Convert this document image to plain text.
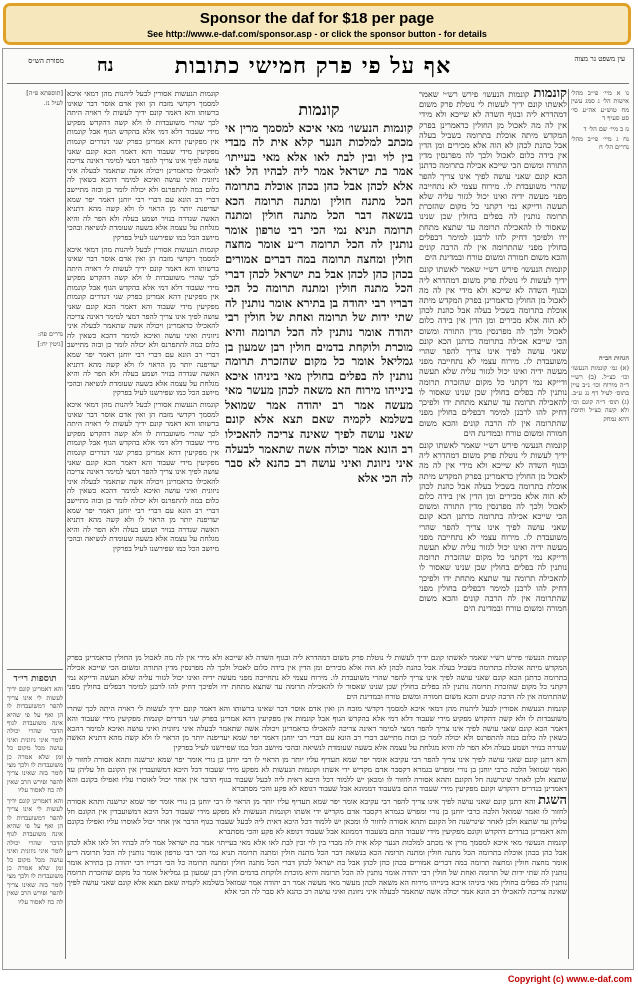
Sponsor the daf for $18 per page
See http://www.e-daf.com/sponsor.asp - or click the sponsor button - for details
עין משפט נר מצוה
אף על פי פרק חמישי כתובות
נח
מסורת הש״ס

נו א מיי׳ פי״ב מהל׳ אישות הל׳ ג סמג עשין מח טוש״ע אה״ע סי׳ סט סעיף ד

נז ב מיי׳ שם הל׳ ד

נח ג מיי׳ פי״ב מהל׳ נדרים הל׳ ח

הגהות הב״ח

(א) גמ׳ קונמות הנעשו׳ וכו׳ כצ״ל. (ב) רש״י ד״ה מירוח וכו׳ נ״ב עיין בתוס׳ לעיל דף נג ע״ב. (ג) תוס׳ ד״ה קונם וכו׳ ולא קשה כצ״ל ותיבת דהא נמחק

קונמות קונמות הנעשו׳ פירש רש״י שאמר לאשתו קונם ידיך לעשות לי נוטלת פרק משום דמהדרא ליה ובגוף השדה לא שייכא ולא מידי אין לה מה לאכול מן החולין כדאמרינן בפרק המקדש מיתה אוכלת בתרומה בשביל בעלה אבל כהנת לכהן לא הוה אלא מכירים ומן הדין אין בידה כלום לאכול ולכך לה מפרנסין מדין התורה ומשום הכי שייכא אכילה בתרומה כדתנן הכא קונם שאני עושה לפיך אינו צריך להפר שהרי משועבדת לו. מירוח עצמי לא נתחייבה מפני מעשה ידיה ואינו יכול לגזור עליה שלא תעשה ודייקא נמי דקתני כל מקום שהזכרת תרומה נותנין לה בפלים בחולין שכן שנינו שאסור לו להאכילה תרומה עד שתצא מתחת ידו ולפיכך דחיק להו לרבנן למימר דבפלים בחולין מפני שהתרומה אין לה הרבה קונים והכא משום חמורה ומשום טורח ובמדינת הים

קונמות הנעשו׳ פירש רש״י שאמר לאשתו קונם ידיך לעשות לי נוטלת פרק משום דמהדרא ליה ובגוף השדה לא שייכא ולא מידי אין לה מה לאכול מן החולין כדאמרינן בפרק המקדש מיתה אוכלת בתרומה בשביל בעלה אבל כהנת לכהן לא הוה אלא מכירים ומן הדין אין בידה כלום לאכול ולכך לה מפרנסין מדין התורה ומשום הכי שייכא אכילה בתרומה כדתנן הכא קונם שאני עושה לפיך אינו צריך להפר שהרי משועבדת לו. מירוח עצמי לא נתחייבה מפני מעשה ידיה ואינו יכול לגזור עליה שלא תעשה ודייקא נמי דקתני כל מקום שהזכרת תרומה נותנין לה בפלים בחולין שכן שנינו שאסור לו להאכילה תרומה עד שתצא מתחת ידו ולפיכך דחיק להו לרבנן למימר דבפלים בחולין מפני שהתרומה אין לה הרבה קונים והכא משום חמורה ומשום טורח ובמדינת הים

קונמות הנעשו׳ פירש רש״י שאמר לאשתו קונם ידיך לעשות לי נוטלת פרק משום דמהדרא ליה ובגוף השדה לא שייכא ולא מידי אין לה מה לאכול מן החולין כדאמרינן בפרק המקדש מיתה אוכלת בתרומה בשביל בעלה אבל כהנת לכהן לא הוה אלא מכירים ומן הדין אין בידה כלום לאכול ולכך לה מפרנסין מדין התורה ומשום הכי שייכא אכילה בתרומה כדתנן הכא קונם שאני עושה לפיך אינו צריך להפר שהרי משועבדת לו. מירוח עצמי לא נתחייבה מפני מעשה ידיה ואינו יכול לגזור עליה שלא תעשה ודייקא נמי דקתני כל מקום שהזכרת תרומה נותנין לה בפלים בחולין שכן שנינו שאסור לו להאכילה תרומה עד שתצא מתחת ידו ולפיכך דחיק להו לרבנן למימר דבפלים בחולין מפני שהתרומה אין לה הרבה קונים והכא משום חמורה ומשום טורח ובמדינת הים

קונמות

קונמות הנעשו׳ מאי איכא למסמך מרין אי מכתב למלכות הנער קלא אית לה מבדי בין לוי ובין לבת לאו אלא מאי בעייתו׳ אמר בת ישראל אמר ליה לבהיו הל לאו אלא לכהן אבל כהן בכהן אוכלת בתרומה הכל מתנה חולין ומתנה תרומה הכא בנשאה דבר הכל מתנה חולין ומתנה תרומה תניא נמי הכי רבי טרפון אומר נותנין לה הכל תרומה ר״ע אומר מחצה חולין ומחצה תרומה במה דברים אמורים בכהן כהן לכהן אבל בת ישראל לכהן דברי הכל מתנה חולין ומתנה תרומה כל הכי דבריו רבי יהודה בן בתירא אומר נותנין לה שתי ידות של תרומה ואחת של חולין רבי יהודה אומר נותנין לה הכל תרומה והיא מוכרת ולוקחת בדמים חולין רבן שמעון בן גמליאל אומר כל מקום שהזכרת תרומה נותנין לה בפלים בחולין מאי ביניהו איכא בינייהו מירוח הא משאה לכהן מעשר מאי מעשה אמר רב יהודה אמר שמואל בשלמא לקמיה שאם תצא אלא קונם שאני עושה לפיך שאינה צריכה להאכילו רב הונא אמר יכולה אשה שתאמר לבעלה איני ניזונת ואיני עושה רב כהנא לא סבר לה הכי אלא

קונמות הנעשות אסורין לבעל ליהנות מהן דמאי איכא למסמך דקדשי מזבח הן ואין אדם אוסר דבר שאינו ברשותו והא דאמר קונם ידיך לעשות לי ראויה היתה לכך שהרי משועבדות לו ולא קשה דהקדש מפקיע מידי שעבוד דלא דמי אלא בהקדש הגוף אבל קונמות אין מפקיעין דהא אמרינן בפרק שני דנדרים קונמות מפקיעין מידי שעבוד והא דאמר הכא קונם שאני עושה לפיך אינו צריך להפר דמצי למימר דאינה צריכה להאכילו כדאמרינן ויכולה אשה שתאמר לבעלה איני ניזונית ואיני עושה ואיכא למימר דהכא כשאין לה כלום במה להתפרנס ולא יכולה לומר כן ובזה מתיישב דברי רב הונא עם דברי רבי יוחנן דאמר יפר שמא יעדיפנה יותר מן הראוי לו ולא קשה מהא דתניא האשה שנדרה בנזיר ושמע בעלה ולא הפר לה והיא מגלחת על עצמה אלא בשעה שעומדת לנשיאה ובהכי מיושב הכל כמו שפירשנו לעיל בפרקין

קונמות הנעשות אסורין לבעל ליהנות מהן דמאי איכא למסמך דקדשי מזבח הן ואין אדם אוסר דבר שאינו ברשותו והא דאמר קונם ידיך לעשות לי ראויה היתה לכך שהרי משועבדות לו ולא קשה דהקדש מפקיע מידי שעבוד דלא דמי אלא בהקדש הגוף אבל קונמות אין מפקיעין דהא אמרינן בפרק שני דנדרים קונמות מפקיעין מידי שעבוד והא דאמר הכא קונם שאני עושה לפיך אינו צריך להפר דמצי למימר דאינה צריכה להאכילו כדאמרינן ויכולה אשה שתאמר לבעלה איני ניזונית ואיני עושה ואיכא למימר דהכא כשאין לה כלום במה להתפרנס ולא יכולה לומר כן ובזה מתיישב דברי רב הונא עם דברי רבי יוחנן דאמר יפר שמא יעדיפנה יותר מן הראוי לו ולא קשה מהא דתניא האשה שנדרה בנזיר ושמע בעלה ולא הפר לה והיא מגלחת על עצמה אלא בשעה שעומדת לנשיאה ובהכי מיושב הכל כמו שפירשנו לעיל בפרקין

קונמות הנעשות אסורין לבעל ליהנות מהן דמאי איכא למסמך דקדשי מזבח הן ואין אדם אוסר דבר שאינו ברשותו והא דאמר קונם ידיך לעשות לי ראויה היתה לכך שהרי משועבדות לו ולא קשה דהקדש מפקיע מידי שעבוד דלא דמי אלא בהקדש הגוף אבל קונמות אין מפקיעין דהא אמרינן בפרק שני דנדרים קונמות מפקיעין מידי שעבוד והא דאמר הכא קונם שאני עושה לפיך אינו צריך להפר דמצי למימר דאינה צריכה להאכילו כדאמרינן ויכולה אשה שתאמר לבעלה איני ניזונית ואיני עושה ואיכא למימר דהכא כשאין לה כלום במה להתפרנס ולא יכולה לומר כן ובזה מתיישב דברי רב הונא עם דברי רבי יוחנן דאמר יפר שמא יעדיפנה יותר מן הראוי לו ולא קשה מהא דתניא האשה שנדרה בנזיר ושמע בעלה ולא הפר לה והיא מגלחת על עצמה אלא בשעה שעומדת לנשיאה ובהכי מיושב הכל כמו שפירשנו לעיל בפרקין

[תוספתא פ״ה]

לעיל נז.

נדרים פה:

[גיטין יח:]

תוספות רי״ד

והא דאמרינן קונם ידיך לעשות לי אינו צריך להפר דמשועבדות לו הן ואף על פי שהיא אינה משועבדת לגוף הדבר שהרי יכולה לומר איני ניזונית ואיני עושה מכל מקום כל זמן שלא אמרה כן משועבדות לו ולכך מצי לומר בזה שאינו צריך להפר ופירש הרב שאין לה כח לאסור עליו

והא דאמרינן קונם ידיך לעשות לי אינו צריך להפר דמשועבדות לו הן ואף על פי שהיא אינה משועבדת לגוף הדבר שהרי יכולה לומר איני ניזונית ואיני עושה מכל מקום כל זמן שלא אמרה כן משועבדות לו ולכך מצי לומר בזה שאינו צריך להפר ופירש הרב שאין לה כח לאסור עליו

קונמות הנעשו׳ פירש רש״י שאמר לאשתו קונם ידיך לעשות לי נוטלת פרק משום דמהדרא ליה ובגוף השדה לא שייכא ולא מידי אין לה מה לאכול מן החולין כדאמרינן בפרק המקדש מיתה אוכלת בתרומה בשביל בעלה אבל כהנת לכהן לא הוה אלא מכירים ומן הדין אין בידה כלום לאכול ולכך לה מפרנסין מדין התורה ומשום הכי שייכא אכילה בתרומה כדתנן הכא קונם שאני עושה לפיך אינו צריך להפר שהרי משועבדת לו. מירוח עצמי לא נתחייבה מפני מעשה ידיה ואינו יכול לגזור עליה שלא תעשה ודייקא נמי דקתני כל מקום שהזכרת תרומה נותנין לה בפלים בחולין שכן שנינו שאסור לו להאכילה תרומה עד שתצא מתחת ידו ולפיכך דחיק להו לרבנן למימר דבפלים בחולין מפני שהתרומה אין לה הרבה קונים והכא משום חמורה ומשום טורח ובמדינת הים

קונמות הנעשות אסורין לבעל ליהנות מהן דמאי איכא למסמך דקדשי מזבח הן ואין אדם אוסר דבר שאינו ברשותו והא דאמר קונם ידיך לעשות לי ראויה היתה לכך שהרי משועבדות לו ולא קשה דהקדש מפקיע מידי שעבוד דלא דמי אלא בהקדש הגוף אבל קונמות אין מפקיעין דהא אמרינן בפרק שני דנדרים קונמות מפקיעין מידי שעבוד והא דאמר הכא קונם שאני עושה לפיך אינו צריך להפר דמצי למימר דאינה צריכה להאכילו כדאמרינן ויכולה אשה שתאמר לבעלה איני ניזונית ואיני עושה ואיכא למימר דהכא כשאין לה כלום במה להתפרנס ולא יכולה לומר כן ובזה מתיישב דברי רב הונא עם דברי רבי יוחנן דאמר יפר שמא יעדיפנה יותר מן הראוי לו ולא קשה מהא דתניא האשה שנדרה בנזיר ושמע בעלה ולא הפר לה והיא מגלחת על עצמה אלא בשעה שעומדת לנשיאה ובהכי מיושב הכל כמו שפירשנו לעיל בפרקין

והא דתנן קונם שאני עושה לפיך אינו צריך להפר רבי עקיבא אומר יפר שמא תעדיף עליו יותר מן הראוי לו רבי יוחנן בן נורי אומר יפר שמא יגרשנה ותהא אסורה לחזור לו ואמר שמואל הלכה כרבי יוחנן בן נורי ומפרש בגמרא דקסבר אדם מקדיש ידי אשתו וקונמות הנעשות לא מפקע מידי שעבוד דכל היכא דמשועבדין אין הקונם חל עליהן עד שתצא ולכן לאחר שיגרשנה חל הקונם ותהא אסורה לחזור לו ומכאן יש ללמוד דכל היכא דאית ליה לבעל שעבוד בגוף הדבר אין אחר יכול לאוסרו עליו ואפילו בקונם והא דאמרינן בנדרים דהקדש וקונם מפקיעין מידי שעבוד התם בשעבוד דממונא אבל שעבוד דגופא לא פקע והכי מסתברא

השגת והא דתנן קונם שאני עושה לפיך אינו צריך להפר רבי עקיבא אומר יפר שמא תעדיף עליו יותר מן הראוי לו רבי יוחנן בן נורי אומר יפר שמא יגרשנה ותהא אסורה לחזור לו ואמר שמואל הלכה כרבי יוחנן בן נורי ומפרש בגמרא דקסבר אדם מקדיש ידי אשתו וקונמות הנעשות לא מפקע מידי שעבוד דכל היכא דמשועבדין אין הקונם חל עליהן עד שתצא ולכן לאחר שיגרשנה חל הקונם ותהא אסורה לחזור לו ומכאן יש ללמוד דכל היכא דאית ליה לבעל שעבוד בגוף הדבר אין אחר יכול לאוסרו עליו ואפילו בקונם והא דאמרינן בנדרים דהקדש וקונם מפקיעין מידי שעבוד התם בשעבוד דממונא אבל שעבוד דגופא לא פקע והכי מסתברא

קונמות הנעשו׳ מאי איכא למסמך מרין אי מכתב למלכות הנער קלא אית לה מבדי בין לוי ובין לבת לאו אלא מאי בעייתו׳ אמר בת ישראל אמר ליה לבהיו הל לאו אלא לכהן אבל כהן בכהן אוכלת בתרומה הכל מתנה חולין ומתנה תרומה הכא בנשאה דבר הכל מתנה חולין ומתנה תרומה תניא נמי הכי רבי טרפון אומר נותנין לה הכל תרומה ר״ע אומר מחצה חולין ומחצה תרומה במה דברים אמורים בכהן כהן לכהן אבל בת ישראל לכהן דברי הכל מתנה חולין ומתנה תרומה כל הכי דבריו רבי יהודה בן בתירא אומר נותנין לה שתי ידות של תרומה ואחת של חולין רבי יהודה אומר נותנין לה הכל תרומה והיא מוכרת ולוקחת בדמים חולין רבן שמעון בן גמליאל אומר כל מקום שהזכרת תרומה נותנין לה בפלים בחולין מאי ביניהו איכא בינייהו מירוח הא משאה לכהן מעשר מאי מעשה אמר רב יהודה אמר שמואל בשלמא לקמיה שאם תצא אלא קונם שאני עושה לפיך שאינה צריכה להאכילו רב הונא אמר יכולה אשה שתאמר לבעלה איני ניזונת ואיני עושה רב כהנא לא סבר לה הכי אלא

Copyright (c) www.e-daf.com
